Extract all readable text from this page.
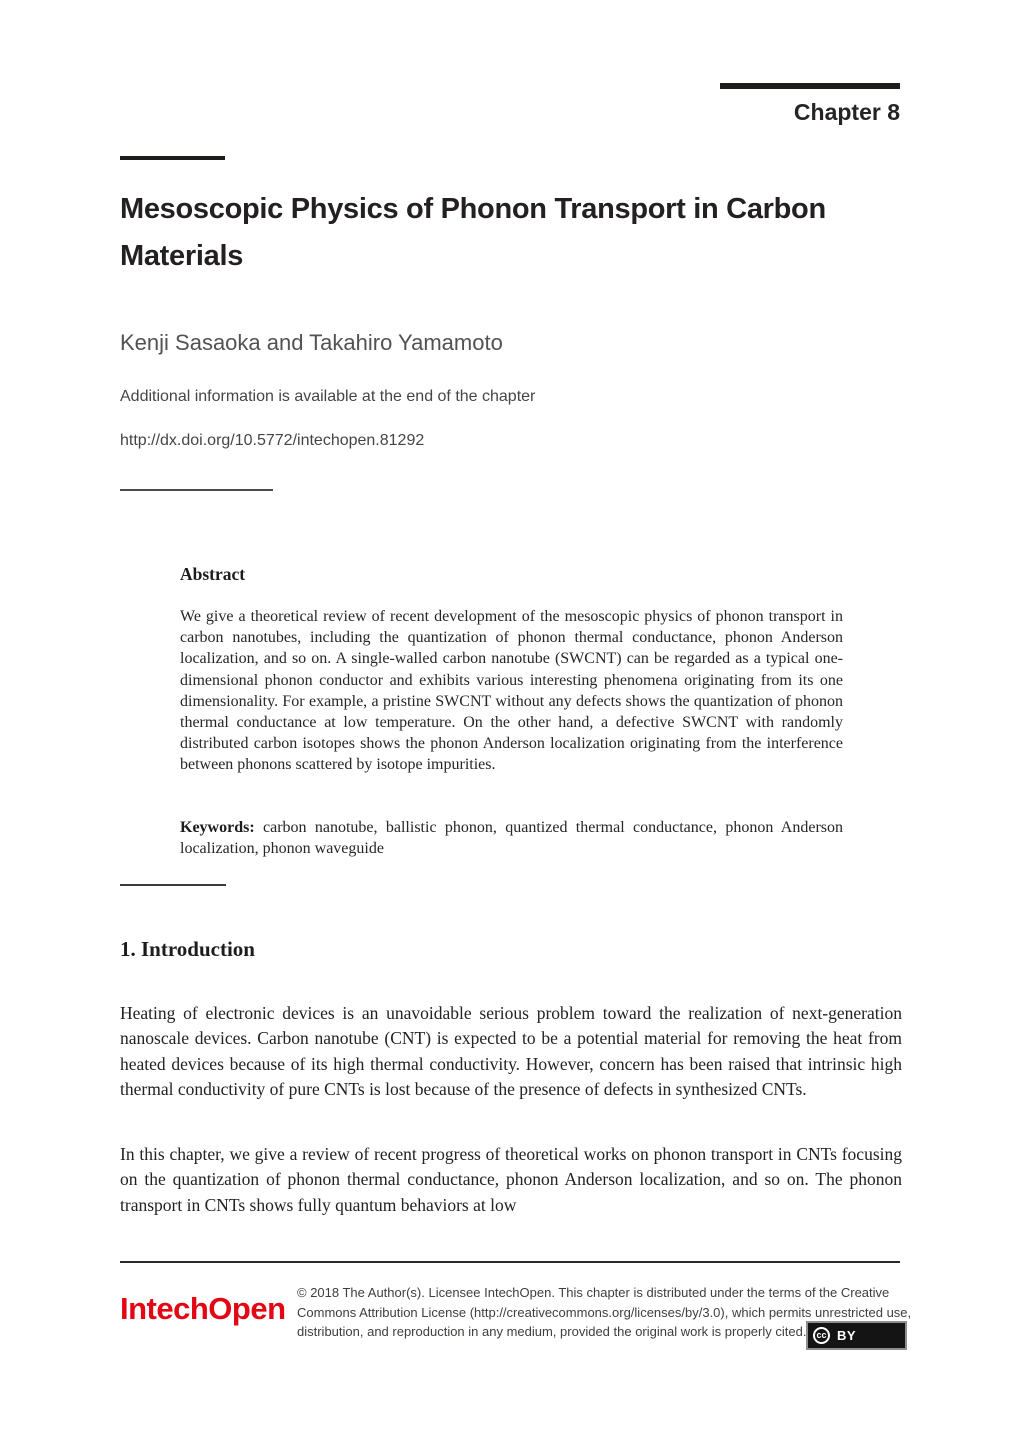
Chapter 8
Mesoscopic Physics of Phonon Transport in Carbon Materials
Kenji Sasaoka and Takahiro Yamamoto
Additional information is available at the end of the chapter
http://dx.doi.org/10.5772/intechopen.81292
Abstract

We give a theoretical review of recent development of the mesoscopic physics of phonon transport in carbon nanotubes, including the quantization of phonon thermal conductance, phonon Anderson localization, and so on. A single-walled carbon nanotube (SWCNT) can be regarded as a typical one-dimensional phonon conductor and exhibits various interesting phenomena originating from its one dimensionality. For example, a pristine SWCNT without any defects shows the quantization of phonon thermal conductance at low temperature. On the other hand, a defective SWCNT with randomly distributed carbon isotopes shows the phonon Anderson localization originating from the interference between phonons scattered by isotope impurities.

Keywords: carbon nanotube, ballistic phonon, quantized thermal conductance, phonon Anderson localization, phonon waveguide

1. Introduction

Heating of electronic devices is an unavoidable serious problem toward the realization of next-generation nanoscale devices. Carbon nanotube (CNT) is expected to be a potential material for removing the heat from heated devices because of its high thermal conductivity. However, concern has been raised that intrinsic high thermal conductivity of pure CNTs is lost because of the presence of defects in synthesized CNTs.

In this chapter, we give a review of recent progress of theoretical works on phonon transport in CNTs focusing on the quantization of phonon thermal conductance, phonon Anderson localization, and so on. The phonon transport in CNTs shows fully quantum behaviors at low

IntechOpen © 2018 The Author(s). Licensee IntechOpen. This chapter is distributed under the terms of the Creative
Commons Attribution License (http://creativecommons.org/licenses/by/3.0), which permits unrestricted use,
distribution, and reproduction in any medium, provided the original work is properly cited.	cc BY
